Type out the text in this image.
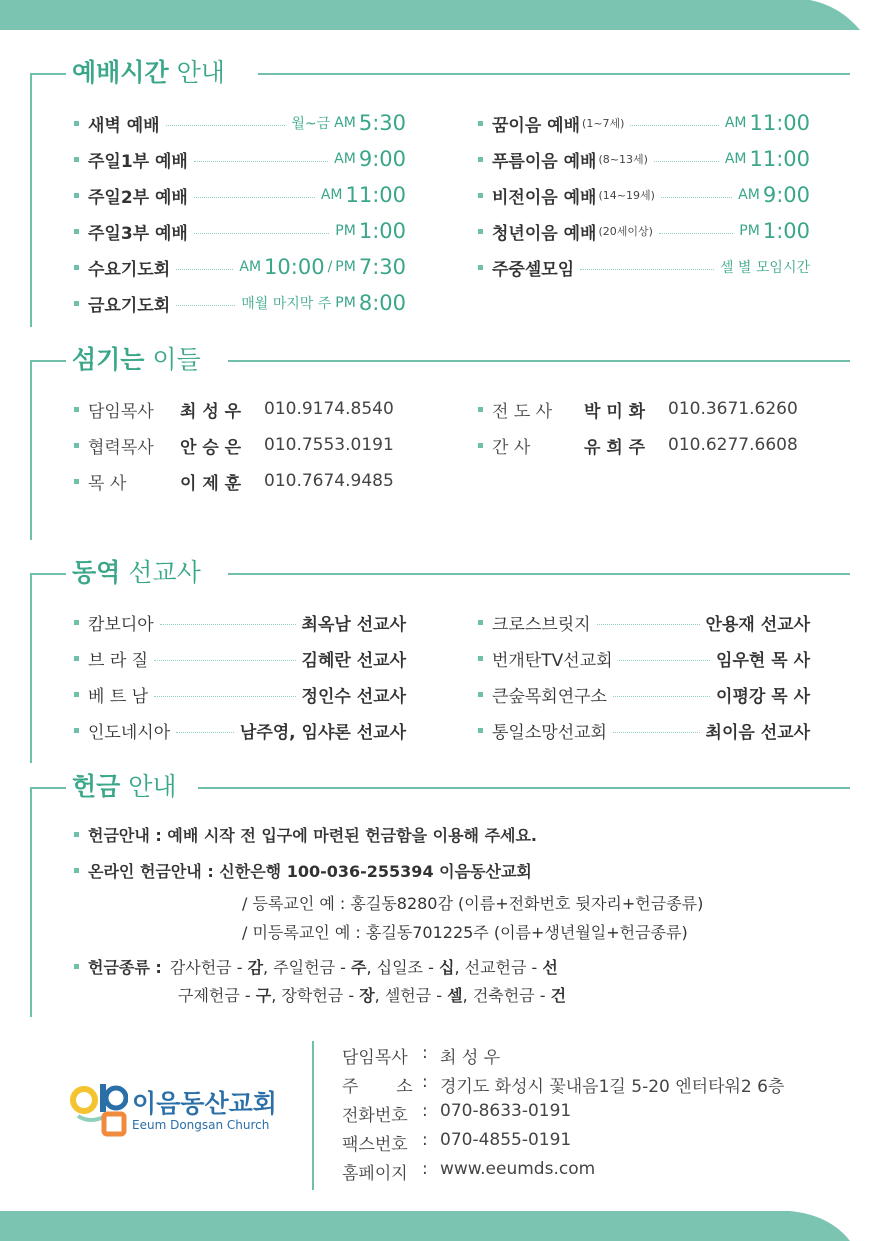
예배시간 안내
새벽 예배	월~금 AM 5:30
주일1부 예배	AM 9:00
주일2부 예배	AM 11:00
주일3부 예배	PM 1:00
수요기도회	AM 10:00 / PM 7:30
금요기도회	매월 마지막 주 PM 8:00
꿈이음 예배 (1~7세)	AM 11:00
푸름이음 예배 (8~13세)	AM 11:00
비전이음 예배 (14~19세)	AM 9:00
청년이음 예배 (20세이상)	PM 1:00
주중셀모임	셀 별 모임시간
섬기는 이들
담임목사	최 성 우	010.9174.8540
협력목사	안 승 은	010.7553.0191
목 사	이 제 훈	010.7674.9485
전 도 사	박 미 화	010.3671.6260
간 사	유 희 주	010.6277.6608
동역 선교사
캄보디아	최옥남 선교사
브 라 질	김혜란 선교사
베 트 남	정인수 선교사
인도네시아	남주영, 임샤론 선교사
크로스브릿지	안용재 선교사
번개탄TV선교회	임우현 목 사
큰숲목회연구소	이평강 목 사
통일소망선교회	최이음 선교사
헌금 안내
헌금안내 : 예배 시작 전 입구에 마련된 헌금함을 이용해 주세요.
온라인 헌금안내 : 신한은행 100-036-255394 이음동산교회
/ 등록교인 예 : 홍길동8280감 (이름+전화번호 뒷자리+헌금종류)
/ 미등록교인 예 : 홍길동701225주 (이름+생년월일+헌금종류)
헌금종류 : 감사헌금 - 감, 주일헌금 - 주, 십일조 - 십, 선교헌금 - 선
구제헌금 - 구, 장학헌금 - 장, 셀헌금 - 셀, 건축헌금 - 건
이음동산교회
Eeum Dongsan Church
담임목사 : 최 성 우
주       소 : 경기도 화성시 꽃내음1길 5-20 엔터타워2 6층
전화번호 : 070-8633-0191
팩스번호 : 070-4855-0191
홈페이지 : www.eeumds.com
